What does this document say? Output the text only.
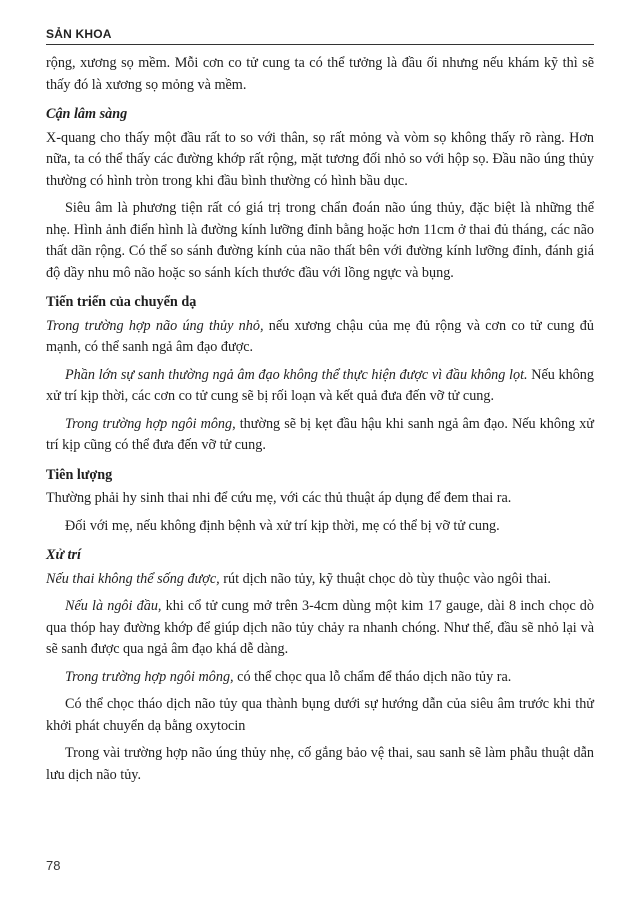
SẢN KHOA

rộng, xương sọ mềm. Mỗi cơn co tử cung ta có thể tưởng là đầu ối nhưng nếu khám kỹ thì sẽ thấy đó là xương sọ mỏng và mềm.

Cận lâm sàng

X-quang cho thấy một đầu rất to so với thân, sọ rất mỏng và vòm sọ không thấy rõ ràng. Hơn nữa, ta có thể thấy các đường khớp rất rộng, mặt tương đối nhỏ so với hộp sọ. Đầu não úng thủy thường có hình tròn trong khi đầu bình thường có hình bầu dục.

Siêu âm là phương tiện rất có giá trị trong chẩn đoán não úng thủy, đặc biệt là những thể nhẹ. Hình ảnh điển hình là đường kính lưỡng đỉnh bằng hoặc hơn 11cm ở thai đủ tháng, các não thất dãn rộng. Có thể so sánh đường kính của não thất bên với đường kính lưỡng đỉnh, đánh giá độ dầy nhu mô não hoặc so sánh kích thước đầu với lồng ngực và bụng.

Tiến triển của chuyển dạ

Trong trường hợp não úng thủy nhỏ, nếu xương chậu của mẹ đủ rộng và cơn co tử cung đủ mạnh, có thể sanh ngả âm đạo được.

Phần lớn sự sanh thường ngả âm đạo không thể thực hiện được vì đầu không lọt. Nếu không xử trí kịp thời, các cơn co tử cung sẽ bị rối loạn và kết quả đưa đến vỡ tử cung.

Trong trường hợp ngôi mông, thường sẽ bị kẹt đầu hậu khi sanh ngả âm đạo. Nếu không xử trí kịp cũng có thể đưa đến vỡ tử cung.

Tiên lượng

Thường phải hy sinh thai nhi để cứu mẹ, với các thủ thuật áp dụng để đem thai ra.

Đối với mẹ, nếu không định bệnh và xử trí kịp thời, mẹ có thể bị vỡ tử cung.

Xử trí

Nếu thai không thể sống được, rút dịch não tủy, kỹ thuật chọc dò tùy thuộc vào ngôi thai.

Nếu là ngôi đầu, khi cổ tử cung mở trên 3-4cm dùng một kim 17 gauge, dài 8 inch chọc dò qua thóp hay đường khớp để giúp dịch não tủy chảy ra nhanh chóng. Như thế, đầu sẽ nhỏ lại và sẽ sanh được qua ngả âm đạo khá dễ dàng.

Trong trường hợp ngôi mông, có thể chọc qua lỗ chẩm để tháo dịch não tủy ra.

Có thể chọc tháo dịch não tủy qua thành bụng dưới sự hướng dẫn của siêu âm trước khi thử khởi phát chuyển dạ bằng oxytocin

Trong vài trường hợp não úng thủy nhẹ, cố gắng bảo vệ thai, sau sanh sẽ làm phẫu thuật dẫn lưu dịch não tủy.

78
